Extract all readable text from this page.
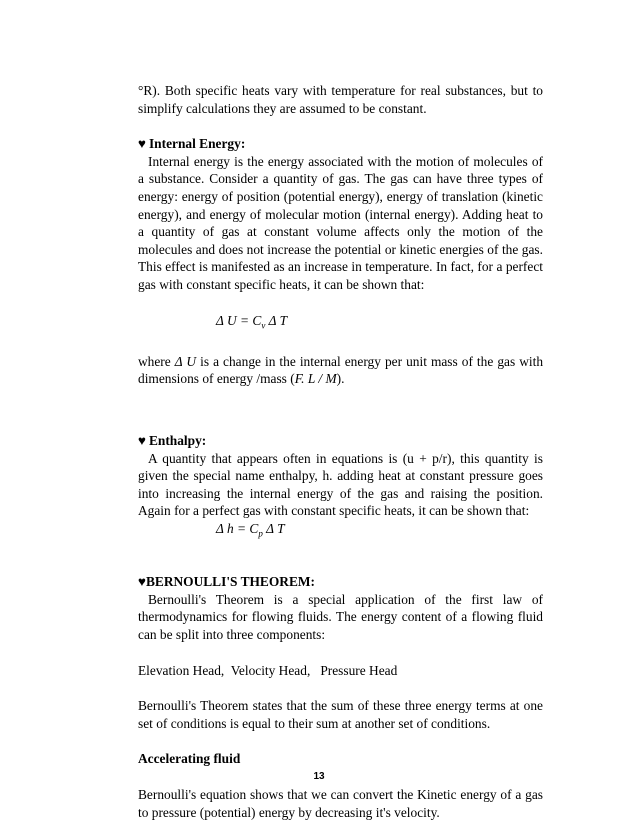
°R). Both specific heats vary with temperature for real substances, but to simplify calculations they are assumed to be constant.

♥ Internal Energy:

Internal energy is the energy associated with the motion of molecules of a substance. Consider a quantity of gas. The gas can have three types of energy: energy of position (potential energy), energy of translation (kinetic energy), and energy of molecular motion (internal energy). Adding heat to a quantity of gas at constant volume affects only the motion of the molecules and does not increase the potential or kinetic energies of the gas. This effect is manifested as an increase in temperature. In fact, for a perfect gas with constant specific heats, it can be shown that:

Δ $U = C_v$ Δ T

where Δ U is a change in the internal energy per unit mass of the gas with dimensions of energy /mass (F. L / M).

♥ Enthalpy:

A quantity that appears often in equations is (u + p/r), this quantity is given the special name enthalpy, h. adding heat at constant pressure goes into increasing the internal energy of the gas and raising the position. Again for a perfect gas with constant specific heats, it can be shown that:

Δ $h = C_p$ Δ T

♥BERNOULLI'S THEOREM:

Bernoulli's Theorem is a special application of the first law of thermodynamics for flowing fluids. The energy content of a flowing fluid can be split into three components:

Elevation Head,  Velocity Head,   Pressure Head

Bernoulli's Theorem states that the sum of these three energy terms at one set of conditions is equal to their sum at another set of conditions.

Accelerating fluid

Bernoulli's equation shows that we can convert the Kinetic energy of a gas to pressure (potential) energy by decreasing it's velocity.

13
